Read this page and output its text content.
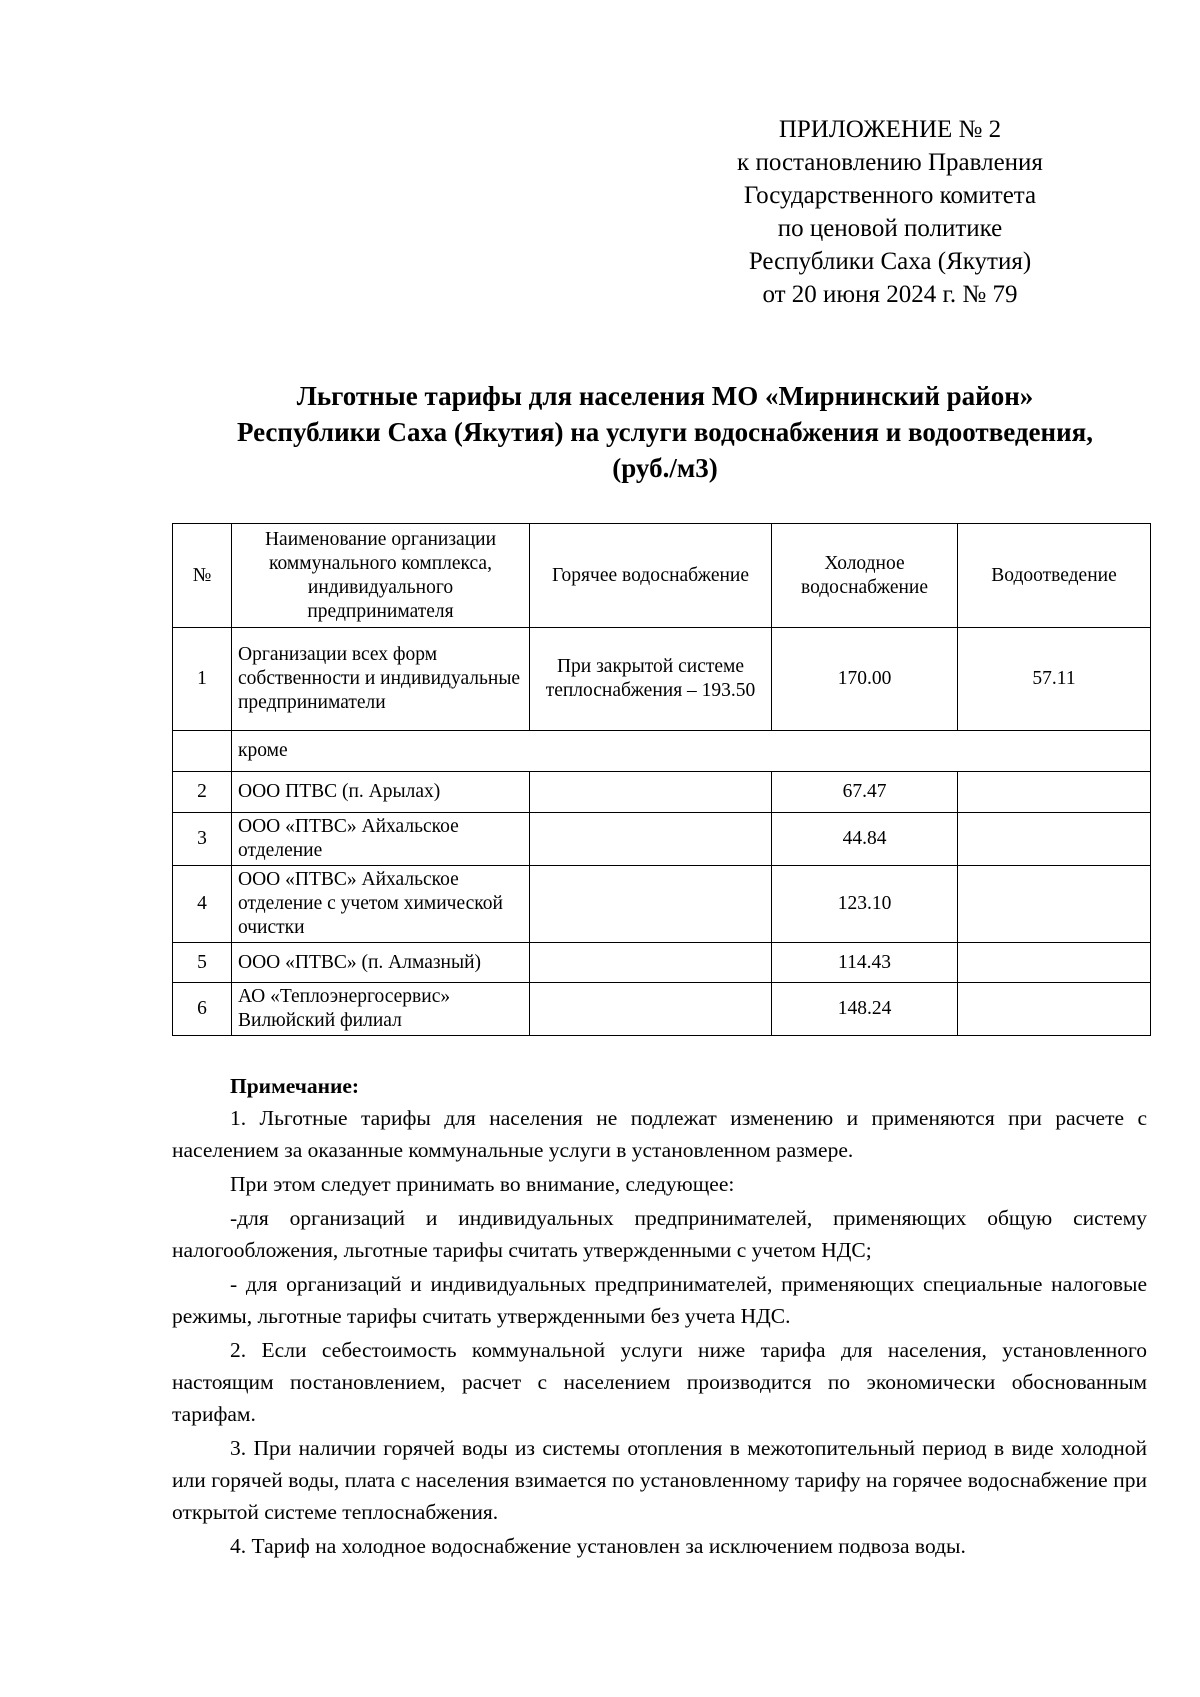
ПРИЛОЖЕНИЕ № 2
к постановлению Правления
Государственного комитета
по ценовой политике
Республики Саха (Якутия)
от 20 июня 2024 г. № 79
Льготные тарифы для населения МО «Мирнинский район»
Республики Саха (Якутия) на услуги водоснабжения и водоотведения,
(руб./м3)
№	Наименование организации коммунального комплекса, индивидуального предпринимателя	Горячее водоснабжение	Холодное водоснабжение	Водоотведение
1	Организации всех форм собственности и индивидуальные предприниматели	При закрытой системе теплоснабжения – 193.50	170.00	57.11
	кроме			
2	ООО ПТВС (п. Арылах)		67.47	
3	ООО «ПТВС» Айхальское отделение		44.84	
4	ООО «ПТВС» Айхальское отделение с учетом химической очистки		123.10	
5	ООО «ПТВС» (п. Алмазный)		114.43	
6	АО «Теплоэнергосервис» Вилюйский филиал		148.24	

Примечание:

1. Льготные тарифы для населения не подлежат изменению и применяются при расчете с населением за оказанные коммунальные услуги в установленном размере.

При этом следует принимать во внимание, следующее:

-для организаций и индивидуальных предпринимателей, применяющих общую систему налогообложения, льготные тарифы считать утвержденными с учетом НДС;

- для организаций и индивидуальных предпринимателей, применяющих специальные налоговые режимы, льготные тарифы считать утвержденными без учета НДС.

2. Если себестоимость коммунальной услуги ниже тарифа для населения, установленного настоящим постановлением, расчет с населением производится по экономически обоснованным тарифам.

3. При наличии горячей воды из системы отопления в межотопительный период в виде холодной или горячей воды, плата с населения взимается по установленному тарифу на горячее водоснабжение при открытой системе теплоснабжения.

4. Тариф на холодное водоснабжение установлен за исключением подвоза воды.
